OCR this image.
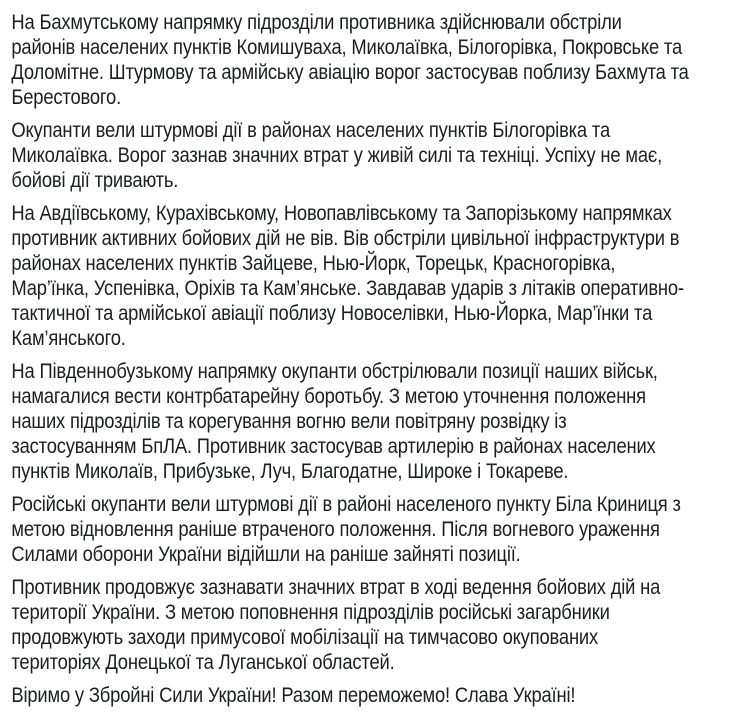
На Бахмутському напрямку підрозділи противника здійснювали обстріли
районів населених пунктів Комишуваха, Миколаївка, Білогорівка, Покровське та
Доломітне. Штурмову та армійську авіацію ворог застосував поблизу Бахмута та
Берестового.
Окупанти вели штурмові дії в районах населених пунктів Білогорівка та
Миколаївка. Ворог зазнав значних втрат у живій силі та техніці. Успіху не має,
бойові дії тривають.
На Авдіївському, Курахівському, Новопавлівському та Запорізькому напрямках
противник активних бойових дій не вів. Вів обстріли цивільної інфраструктури в
районах населених пунктів Зайцеве, Нью-Йорк, Торецьк, Красногорівка,
Мар’їнка, Успенівка, Оріхів та Кам’янське. Завдавав ударів з літаків оперативно-
тактичної та армійської авіації поблизу Новоселівки, Нью-Йорка, Мар’їнки та
Кам’янського.
На Південнобузькому напрямку окупанти обстрілювали позиції наших військ,
намагалися вести контрбатарейну боротьбу. З метою уточнення положення
наших підрозділів та корегування вогню вели повітряну розвідку із
застосуванням БпЛА. Противник застосував артилерію в районах населених
пунктів Миколаїв, Прибузьке, Луч, Благодатне, Широке і Токареве.
Російські окупанти вели штурмові дії в районі населеного пункту Біла Криниця з
метою відновлення раніше втраченого положення. Після вогневого ураження
Силами оборони України відійшли на раніше зайняті позиції.
Противник продовжує зазнавати значних втрат в ході ведення бойових дій на
території України. З метою поповнення підрозділів російські загарбники
продовжують заходи примусової мобілізації на тимчасово окупованих
територіях Донецької та Луганської областей.
Віримо у Збройні Сили України! Разом переможемо! Слава Україні!
